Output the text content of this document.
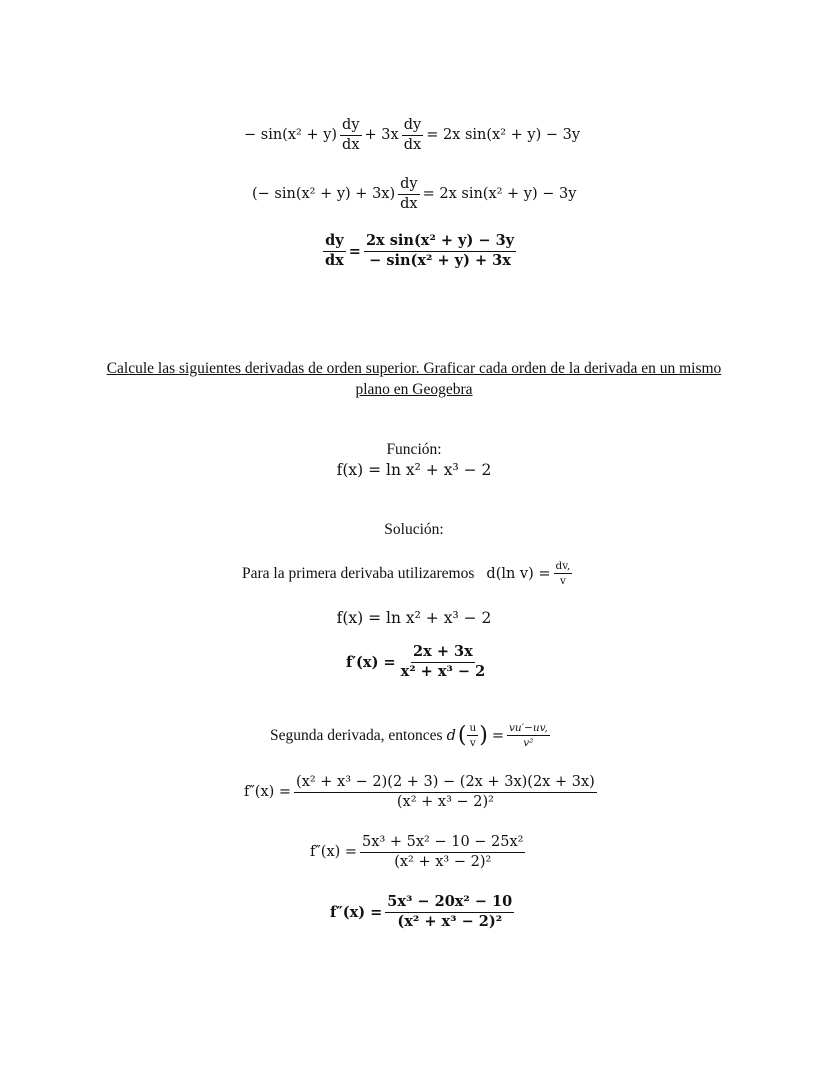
− $\sin(x^2 + y) \frac{dy}{dx} + 3x \frac{dy}{dx} = 2x$ sin(x² + y) − 3y
(− $\sin(x^2 + y) + 3x) \frac{dy}{dx} = 2x$ sin(x² + y) − 3y
$\frac{dy}{dx} = \frac{\text{2x sin(x² + y) − 3y}}{\text{− sin(x² + y) + 3x}}$
Calcule las siguientes derivadas de orden superior. Graficar cada orden de la derivada en un mismo
plano en Geogebra
Función:
f(x) = ln x² + x³ − 2
Solución:
Para la primera derivaba utilizaremos d(ln $v) = \frac{dv,}{v}$
f(x) = ln x² + x³ − 2
$f'(x) = \frac{2x + 3x}{\text{x² + x³ − 2}}$
Segunda derivada, entonces d ( $\frac{u}{v}$ ) = $\frac{vu'-uv,}{\text{v²}}$
$f''(x) = \frac{\text{(x² + x³ − 2)(2 + 3) − (2x + 3x)(2x + 3x)}}{\text{(x² + x³ − 2)²}}$
$f''(x) = \frac{\text{5x³ + 5x² − 10 − 25x²}}{\text{(x² + x³ − 2)²}}$
$f''(x) = \frac{\text{5x³ − 20x² − 10}}{\text{(x² + x³ − 2)²}}$
